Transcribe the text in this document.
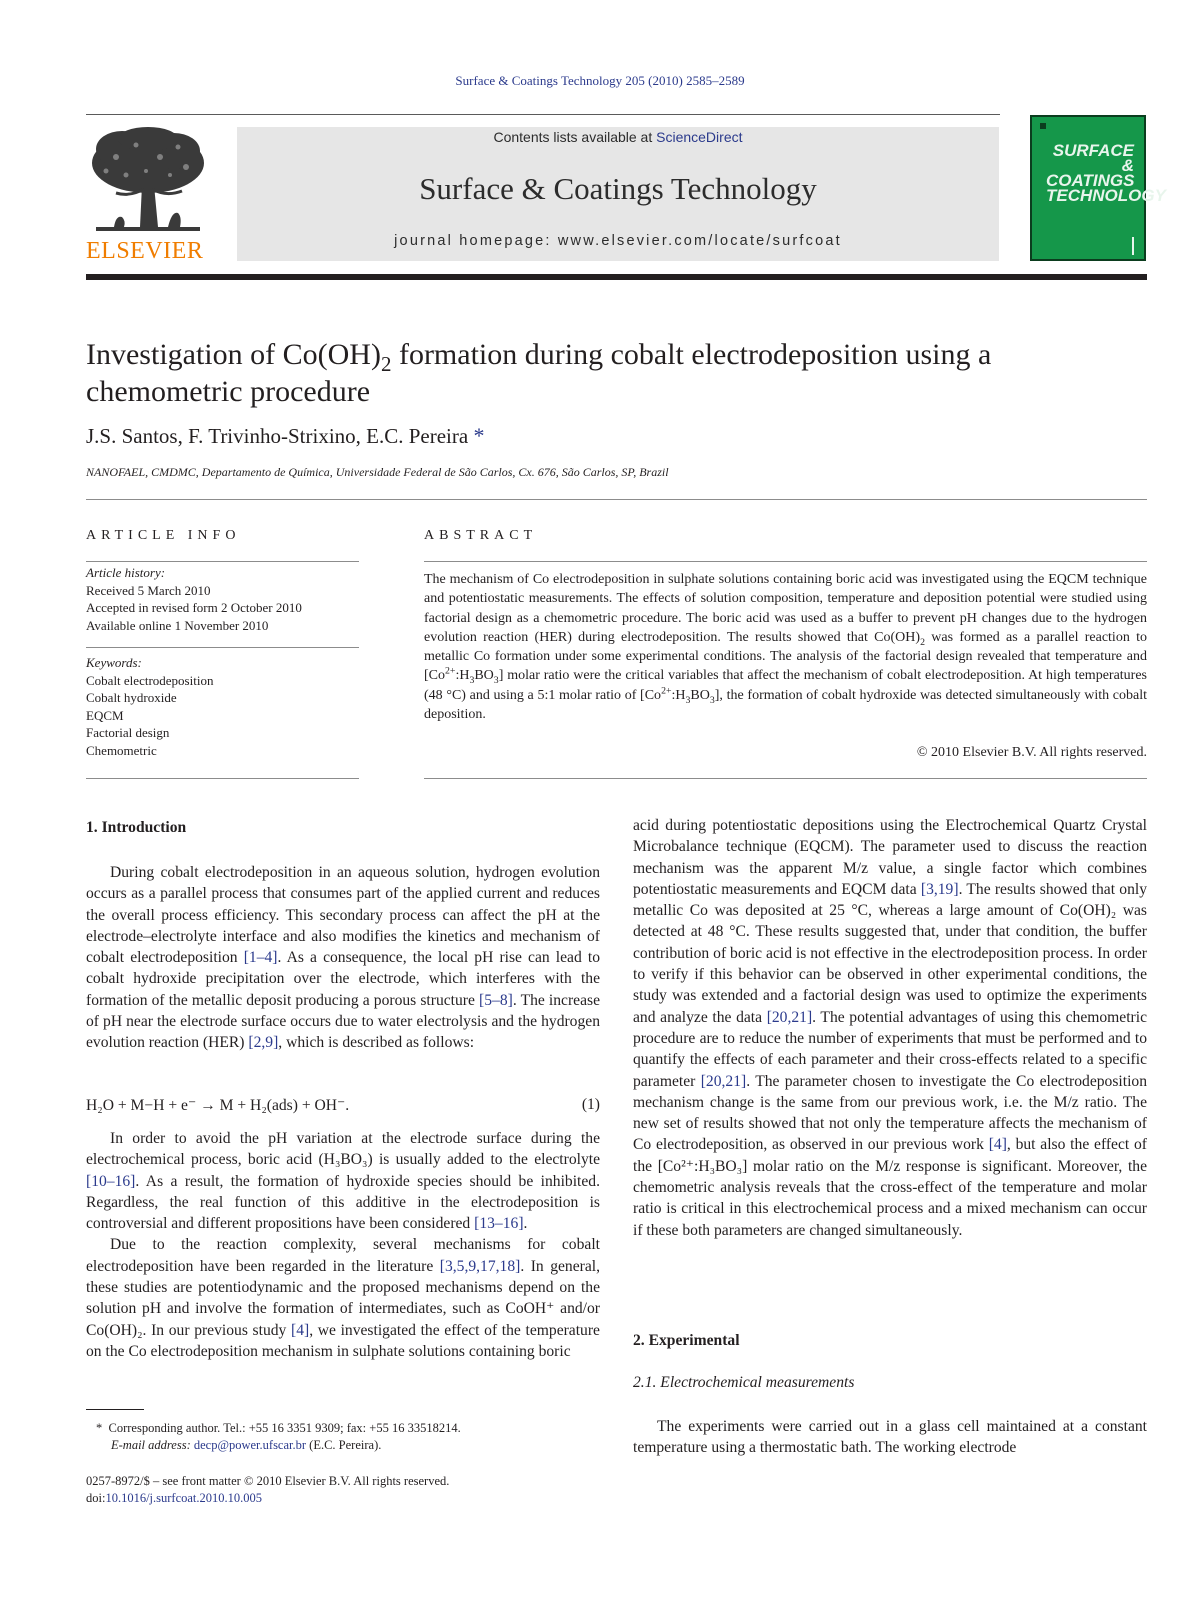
Surface & Coatings Technology 205 (2010) 2585–2589
ELSEVIER
Contents lists available at ScienceDirect
Surface & Coatings Technology
journal homepage: www.elsevier.com/locate/surfcoat
SURFACE & COATINGS TECHNOLOGY
Investigation of $Co(OH)_2$ formation during cobalt electrodeposition using a chemometric procedure
J.S. Santos, F. Trivinho-Strixino, E.C. Pereira *
NANOFAEL, CMDMC, Departamento de Química, Universidade Federal de São Carlos, Cx. 676, São Carlos, SP, Brazil
ARTICLE INFO
Article history:
Received 5 March 2010
Accepted in revised form 2 October 2010
Available online 1 November 2010
Keywords:
Cobalt electrodeposition
Cobalt hydroxide
EQCM
Factorial design
Chemometric
ABSTRACT
The mechanism of Co electrodeposition in sulphate solutions containing boric acid was investigated using the EQCM technique and potentiostatic measurements. The effects of solution composition, temperature and deposition potential were studied using factorial design as a chemometric procedure. The boric acid was used as a buffer to prevent pH changes due to the hydrogen evolution reaction (HER) during electrodeposition. The results showed that $Co(OH)_2$ was formed as a parallel reaction to metallic Co formation under some experimental conditions. The analysis of the factorial design revealed that temperature and $[Co^{2+}:H_3BO_3]$ molar ratio were the critical variables that affect the mechanism of cobalt electrodeposition. At high temperatures (48 °C) and using a 5:1 molar ratio of $[Co^{2+}:H_3BO_3]$, the formation of cobalt hydroxide was detected simultaneously with cobalt deposition.
© 2010 Elsevier B.V. All rights reserved.
1. Introduction

During cobalt electrodeposition in an aqueous solution, hydrogen evolution occurs as a parallel process that consumes part of the applied current and reduces the overall process efficiency. This secondary process can affect the pH at the electrode–electrolyte interface and also modifies the kinetics and mechanism of cobalt electrodeposition [1–4]. As a consequence, the local pH rise can lead to cobalt hydroxide precipitation over the electrode, which interferes with the formation of the metallic deposit producing a porous structure [5–8]. The increase of pH near the electrode surface occurs due to water electrolysis and the hydrogen evolution reaction (HER) [2,9], which is described as follows:

H₂O + M−H + e⁻ → M + H₂(ads) + OH⁻.	(1)

In order to avoid the pH variation at the electrode surface during the electrochemical process, boric acid (H₃BO₃) is usually added to the electrolyte [10–16]. As a result, the formation of hydroxide species should be inhibited. Regardless, the real function of this additive in the electrodeposition is controversial and different propositions have been considered [13–16].

Due to the reaction complexity, several mechanisms for cobalt electrodeposition have been regarded in the literature [3,5,9,17,18]. In general, these studies are potentiodynamic and the proposed mechanisms depend on the solution pH and involve the formation of intermediates, such as CoOH⁺ and/or Co(OH)₂. In our previous study [4], we investigated the effect of the temperature on the Co electrodeposition mechanism in sulphate solutions containing boric

acid during potentiostatic depositions using the Electrochemical Quartz Crystal Microbalance technique (EQCM). The parameter used to discuss the reaction mechanism was the apparent M/z value, a single factor which combines potentiostatic measurements and EQCM data [3,19]. The results showed that only metallic Co was deposited at 25 °C, whereas a large amount of Co(OH)₂ was detected at 48 °C. These results suggested that, under that condition, the buffer contribution of boric acid is not effective in the electrodeposition process. In order to verify if this behavior can be observed in other experimental conditions, the study was extended and a factorial design was used to optimize the experiments and analyze the data [20,21]. The potential advantages of using this chemometric procedure are to reduce the number of experiments that must be performed and to quantify the effects of each parameter and their cross-effects related to a specific parameter [20,21]. The parameter chosen to investigate the Co electrodeposition mechanism change is the same from our previous work, i.e. the M/z ratio. The new set of results showed that not only the temperature affects the mechanism of Co electrodeposition, as observed in our previous work [4], but also the effect of the [Co²⁺:H₃BO₃] molar ratio on the M/z response is significant. Moreover, the chemometric analysis reveals that the cross-effect of the temperature and molar ratio is critical in this electrochemical process and a mixed mechanism can occur if these both parameters are changed simultaneously.

2. Experimental
2.1. Electrochemical measurements

The experiments were carried out in a glass cell maintained at a constant temperature using a thermostatic bath. The working electrode

* Corresponding author. Tel.: +55 16 3351 9309; fax: +55 16 33518214.
E-mail address: decp@power.ufscar.br (E.C. Pereira).
0257-8972/$ – see front matter © 2010 Elsevier B.V. All rights reserved.
doi:10.1016/j.surfcoat.2010.10.005
